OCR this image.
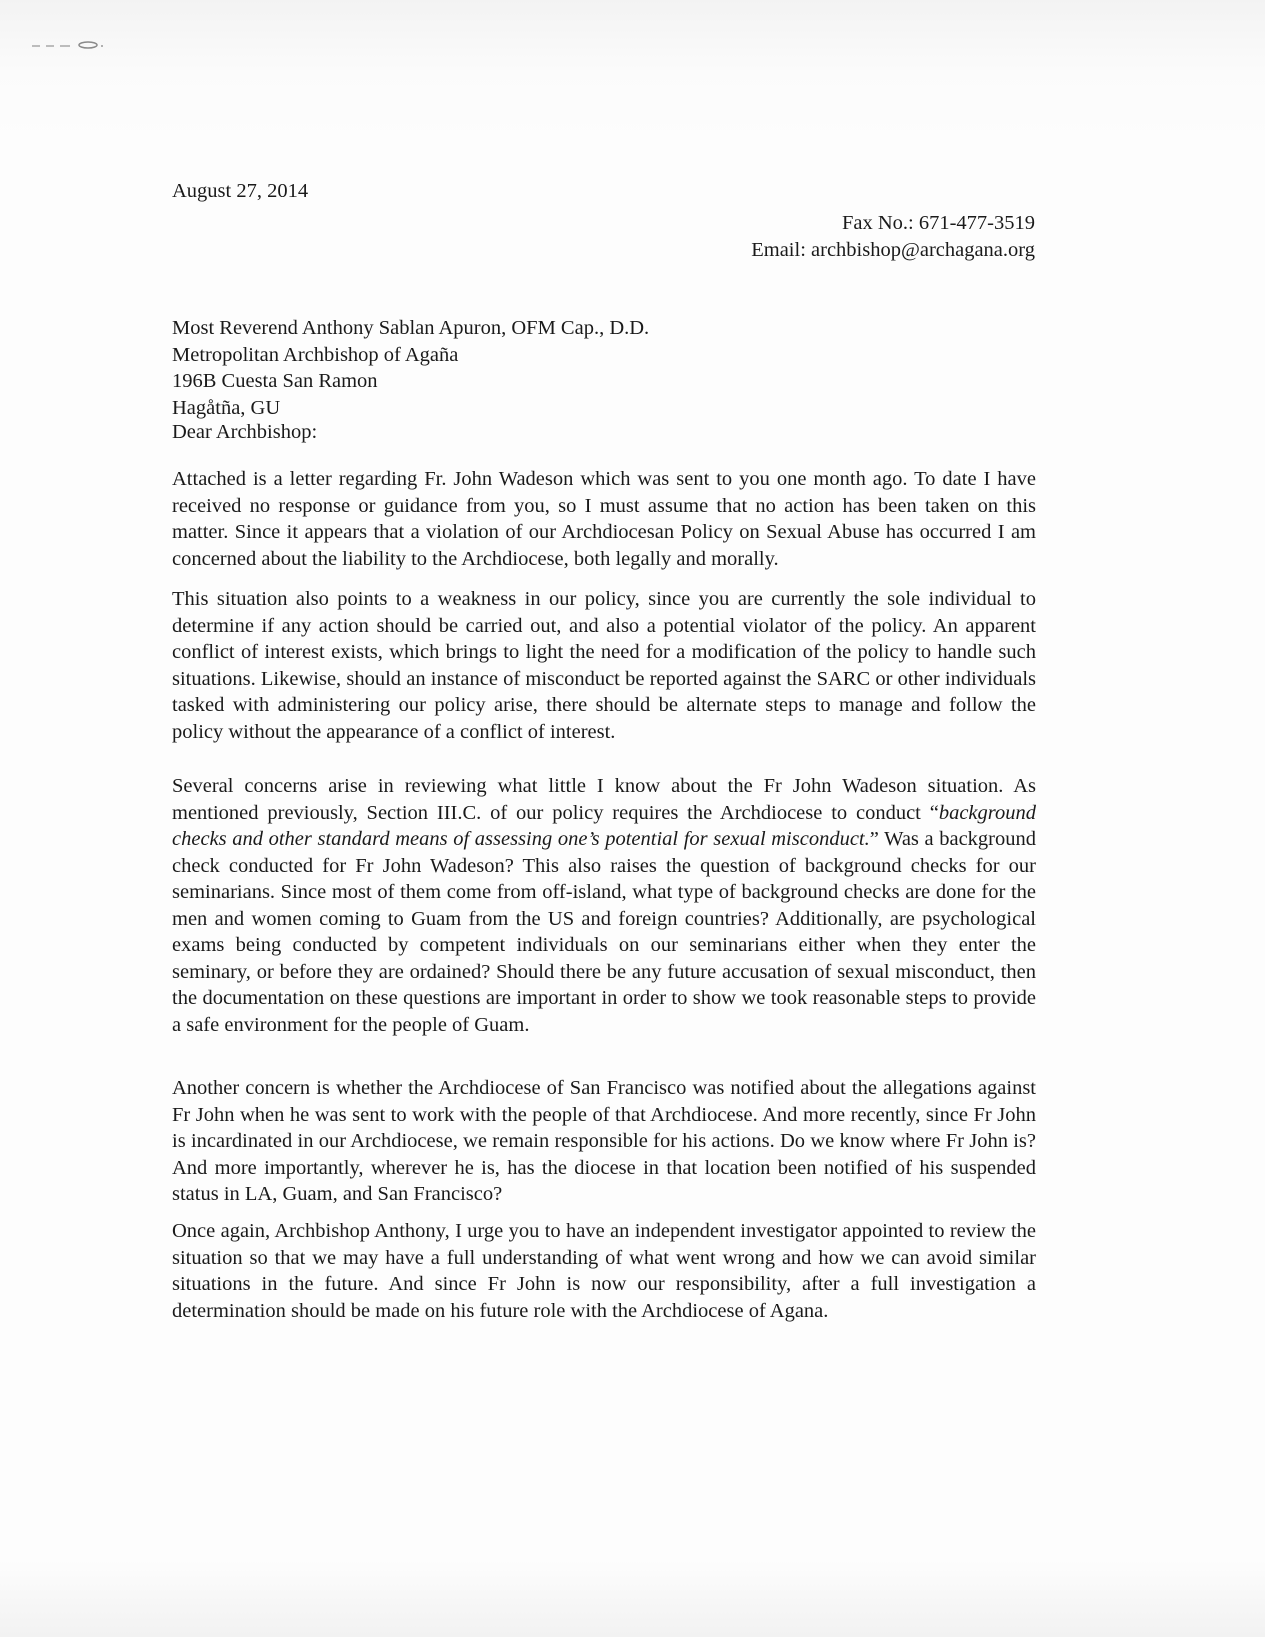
August 27, 2014
Fax No.: 671-477-3519
Email: archbishop@archagana.org
Most Reverend Anthony Sablan Apuron, OFM Cap., D.D.
Metropolitan Archbishop of Agaña
196B Cuesta San Ramon
Hagåtña, GU
Dear Archbishop:

Attached is a letter regarding Fr. John Wadeson which was sent to you one month ago. To date I have received no response or guidance from you, so I must assume that no action has been taken on this matter. Since it appears that a violation of our Archdiocesan Policy on Sexual Abuse has occurred I am concerned about the liability to the Archdiocese, both legally and morally.

This situation also points to a weakness in our policy, since you are currently the sole individual to determine if any action should be carried out, and also a potential violator of the policy. An apparent conflict of interest exists, which brings to light the need for a modification of the policy to handle such situations. Likewise, should an instance of misconduct be reported against the SARC or other individuals tasked with administering our policy arise, there should be alternate steps to manage and follow the policy without the appearance of a conflict of interest.

Several concerns arise in reviewing what little I know about the Fr John Wadeson situation. As mentioned previously, Section III.C. of our policy requires the Archdiocese to conduct “background checks and other standard means of assessing one’s potential for sexual misconduct.” Was a background check conducted for Fr John Wadeson? This also raises the question of background checks for our seminarians. Since most of them come from off-island, what type of background checks are done for the men and women coming to Guam from the US and foreign countries? Additionally, are psychological exams being conducted by competent individuals on our seminarians either when they enter the seminary, or before they are ordained? Should there be any future accusation of sexual misconduct, then the documentation on these questions are important in order to show we took reasonable steps to provide a safe environment for the people of Guam.

Another concern is whether the Archdiocese of San Francisco was notified about the allegations against Fr John when he was sent to work with the people of that Archdiocese. And more recently, since Fr John is incardinated in our Archdiocese, we remain responsible for his actions. Do we know where Fr John is? And more importantly, wherever he is, has the diocese in that location been notified of his suspended status in LA, Guam, and San Francisco?

Once again, Archbishop Anthony, I urge you to have an independent investigator appointed to review the situation so that we may have a full understanding of what went wrong and how we can avoid similar situations in the future. And since Fr John is now our responsibility, after a full investigation a determination should be made on his future role with the Archdiocese of Agana.
